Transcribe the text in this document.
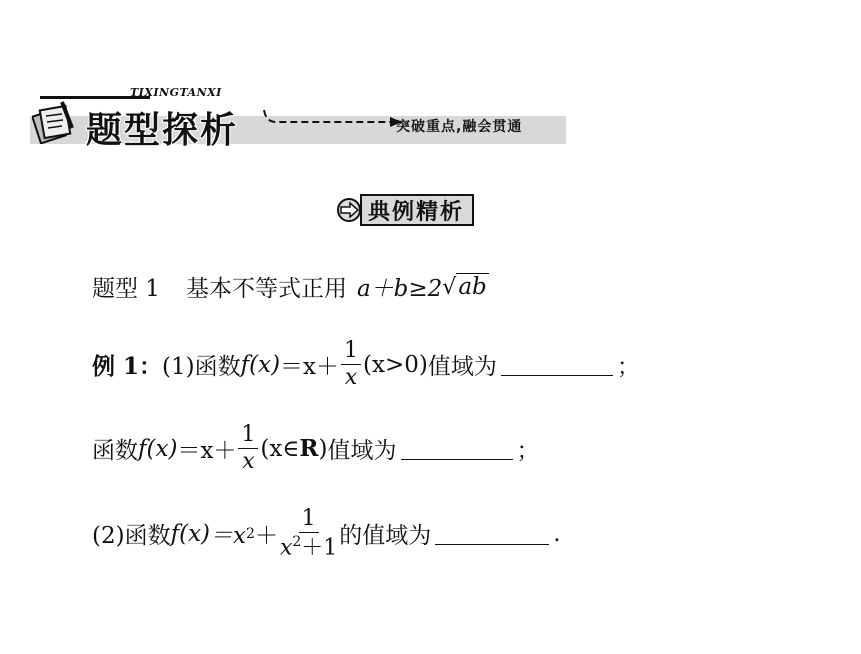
TIXINGTANXI
题型探析	突破重点,融会贯通
典例精析
题型 1 基本不等式正用 a＋b≥2 √ ab
例 1： (1)函数 $f(x) =x+ \frac{1}{x} (x>0)$ 值域为	；
函数 $f(x) =x+ \frac{1}{x}$ (x∈ R ) 值域为	；
(2)函数 f(x) ＝x $2 + \frac{1}{x^2+1}$ 的值域为	.
